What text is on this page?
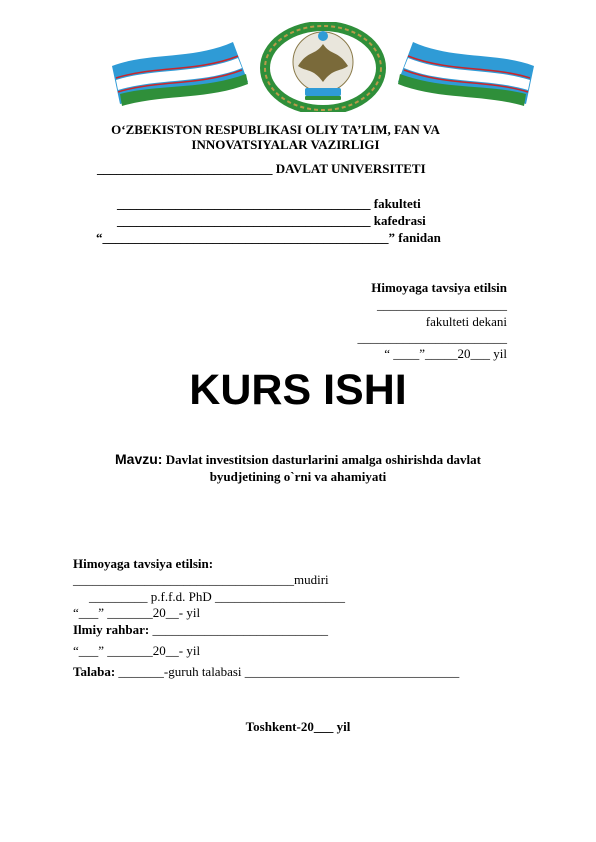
O‘ZBEKISTON RESPUBLIKASI OLIY TA’LIM, FAN VA
INNOVATSIYALAR VAZIRLIGI
___________________________ DAVLAT UNIVERSITETI
_______________________________________ fakulteti
_______________________________________ kafedrasi
“____________________________________________” fanidan
Himoyaga tavsiya etilsin
____________________
fakulteti dekani
_______________________
“ ____”_____20___ yil
KURS ISHI
Mavzu: Davlat investitsion dasturlarini amalga oshirishda davlat
byudjetining o`rni va ahamiyati
Himoyaga tavsiya etilsin:
__________________________________mudiri
_________ p.f.f.d. PhD ____________________
“___” _______20__- yil
Ilmiy rahbar: ___________________________
“___” _______20__- yil
Talaba: _______-guruh talabasi _________________________________
Toshkent-20___ yil
